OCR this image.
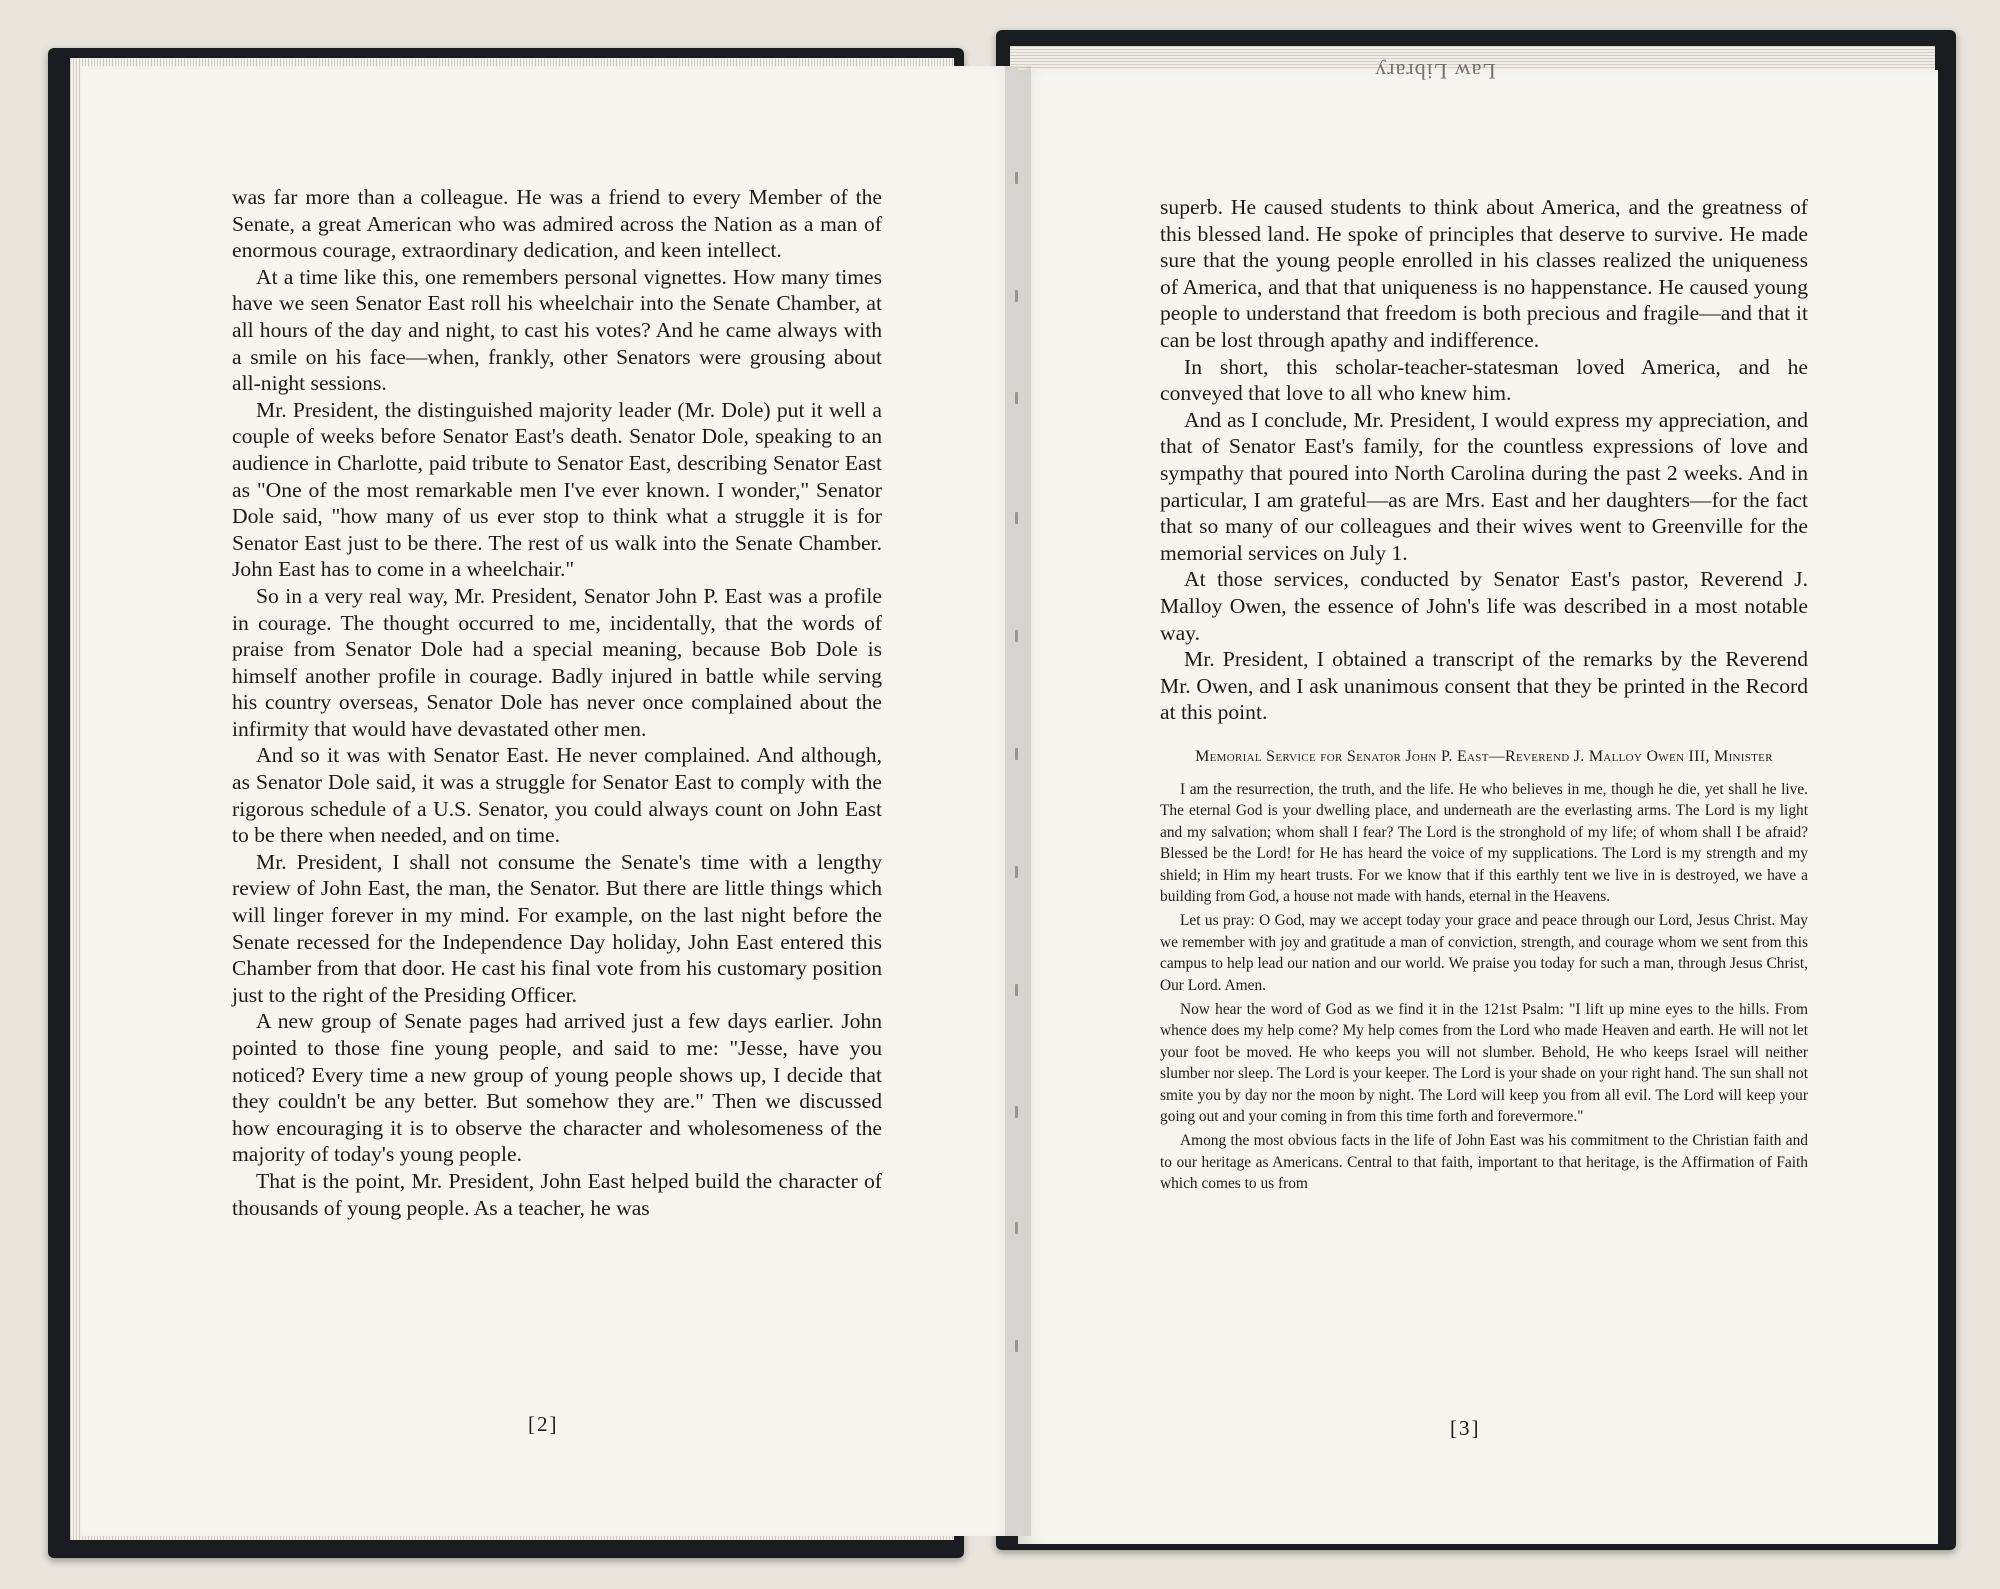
Law Library

was far more than a colleague. He was a friend to every Member of the Senate, a great American who was admired across the Nation as a man of enormous courage, extraordinary dedication, and keen intellect.

At a time like this, one remembers personal vignettes. How many times have we seen Senator East roll his wheelchair into the Senate Chamber, at all hours of the day and night, to cast his votes? And he came always with a smile on his face—when, frankly, other Senators were grousing about all-night sessions.

Mr. President, the distinguished majority leader (Mr. Dole) put it well a couple of weeks before Senator East's death. Senator Dole, speaking to an audience in Charlotte, paid tribute to Senator East, describing Senator East as "One of the most remarkable men I've ever known. I wonder," Senator Dole said, "how many of us ever stop to think what a struggle it is for Senator East just to be there. The rest of us walk into the Senate Chamber. John East has to come in a wheelchair."

So in a very real way, Mr. President, Senator John P. East was a profile in courage. The thought occurred to me, incidentally, that the words of praise from Senator Dole had a special meaning, because Bob Dole is himself another profile in courage. Badly injured in battle while serving his country overseas, Senator Dole has never once complained about the infirmity that would have devastated other men.

And so it was with Senator East. He never complained. And although, as Senator Dole said, it was a struggle for Senator East to comply with the rigorous schedule of a U.S. Senator, you could always count on John East to be there when needed, and on time.

Mr. President, I shall not consume the Senate's time with a lengthy review of John East, the man, the Senator. But there are little things which will linger forever in my mind. For example, on the last night before the Senate recessed for the Independence Day holiday, John East entered this Chamber from that door. He cast his final vote from his customary position just to the right of the Presiding Officer.

A new group of Senate pages had arrived just a few days earlier. John pointed to those fine young people, and said to me: "Jesse, have you noticed? Every time a new group of young people shows up, I decide that they couldn't be any better. But somehow they are." Then we discussed how encouraging it is to observe the character and wholesomeness of the majority of today's young people.

That is the point, Mr. President, John East helped build the character of thousands of young people. As a teacher, he was

[2]

superb. He caused students to think about America, and the greatness of this blessed land. He spoke of principles that deserve to survive. He made sure that the young people enrolled in his classes realized the uniqueness of America, and that that uniqueness is no happenstance. He caused young people to understand that freedom is both precious and fragile—and that it can be lost through apathy and indifference.

In short, this scholar-teacher-statesman loved America, and he conveyed that love to all who knew him.

And as I conclude, Mr. President, I would express my appreciation, and that of Senator East's family, for the countless expressions of love and sympathy that poured into North Carolina during the past 2 weeks. And in particular, I am grateful—as are Mrs. East and her daughters—for the fact that so many of our colleagues and their wives went to Greenville for the memorial services on July 1.

At those services, conducted by Senator East's pastor, Reverend J. Malloy Owen, the essence of John's life was described in a most notable way.

Mr. President, I obtained a transcript of the remarks by the Reverend Mr. Owen, and I ask unanimous consent that they be printed in the Record at this point.

Memorial Service for Senator John P. East—Reverend J. Malloy Owen III, Minister

I am the resurrection, the truth, and the life. He who believes in me, though he die, yet shall he live. The eternal God is your dwelling place, and underneath are the everlasting arms. The Lord is my light and my salvation; whom shall I fear? The Lord is the stronghold of my life; of whom shall I be afraid? Blessed be the Lord! for He has heard the voice of my supplications. The Lord is my strength and my shield; in Him my heart trusts. For we know that if this earthly tent we live in is destroyed, we have a building from God, a house not made with hands, eternal in the Heavens.

Let us pray: O God, may we accept today your grace and peace through our Lord, Jesus Christ. May we remember with joy and gratitude a man of conviction, strength, and courage whom we sent from this campus to help lead our nation and our world. We praise you today for such a man, through Jesus Christ, Our Lord. Amen.

Now hear the word of God as we find it in the 121st Psalm: "I lift up mine eyes to the hills. From whence does my help come? My help comes from the Lord who made Heaven and earth. He will not let your foot be moved. He who keeps you will not slumber. Behold, He who keeps Israel will neither slumber nor sleep. The Lord is your keeper. The Lord is your shade on your right hand. The sun shall not smite you by day nor the moon by night. The Lord will keep you from all evil. The Lord will keep your going out and your coming in from this time forth and forevermore."

Among the most obvious facts in the life of John East was his commitment to the Christian faith and to our heritage as Americans. Central to that faith, important to that heritage, is the Affirmation of Faith which comes to us from

[3]
